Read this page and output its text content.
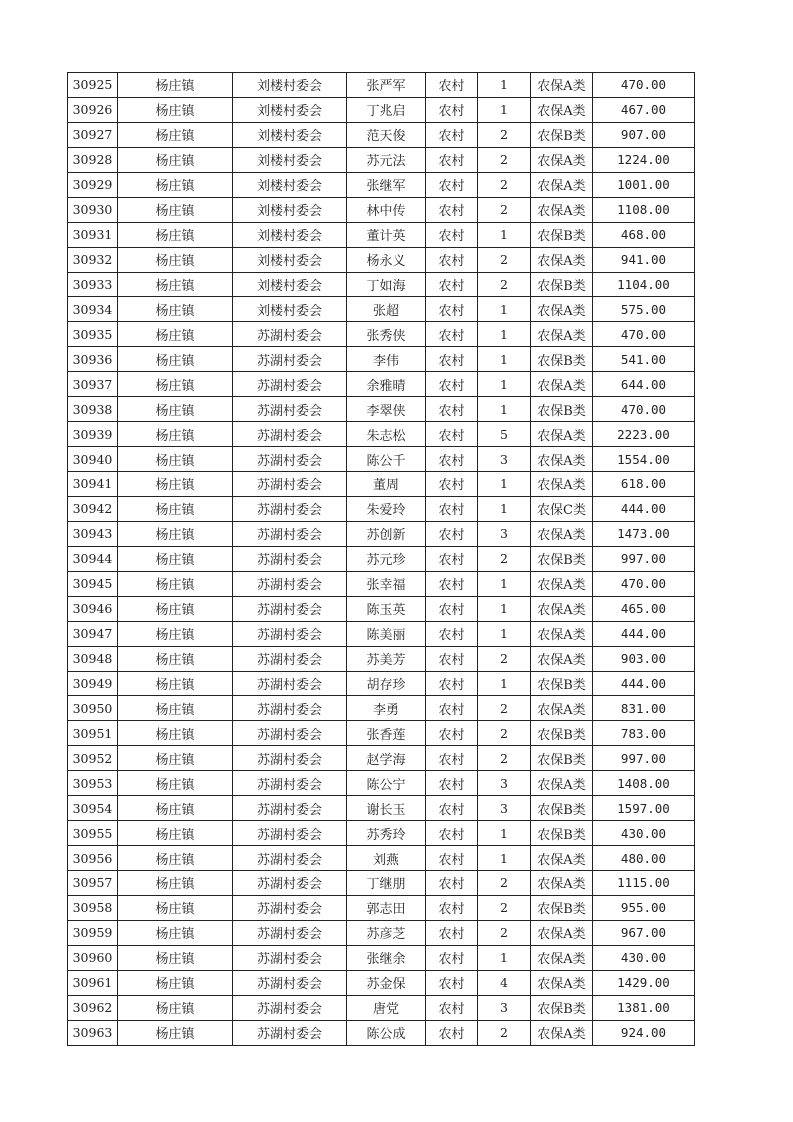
30925	杨庄镇	刘楼村委会	张严军	农村	1	农保A类	470.00
30926	杨庄镇	刘楼村委会	丁兆启	农村	1	农保A类	467.00
30927	杨庄镇	刘楼村委会	范天俊	农村	2	农保B类	907.00
30928	杨庄镇	刘楼村委会	苏元法	农村	2	农保A类	1224.00
30929	杨庄镇	刘楼村委会	张继军	农村	2	农保A类	1001.00
30930	杨庄镇	刘楼村委会	林中传	农村	2	农保A类	1108.00
30931	杨庄镇	刘楼村委会	董计英	农村	1	农保B类	468.00
30932	杨庄镇	刘楼村委会	杨永义	农村	2	农保A类	941.00
30933	杨庄镇	刘楼村委会	丁如海	农村	2	农保B类	1104.00
30934	杨庄镇	刘楼村委会	张超	农村	1	农保A类	575.00
30935	杨庄镇	苏湖村委会	张秀侠	农村	1	农保A类	470.00
30936	杨庄镇	苏湖村委会	李伟	农村	1	农保B类	541.00
30937	杨庄镇	苏湖村委会	余雅晴	农村	1	农保A类	644.00
30938	杨庄镇	苏湖村委会	李翠侠	农村	1	农保B类	470.00
30939	杨庄镇	苏湖村委会	朱志松	农村	5	农保A类	2223.00
30940	杨庄镇	苏湖村委会	陈公千	农村	3	农保A类	1554.00
30941	杨庄镇	苏湖村委会	董周	农村	1	农保A类	618.00
30942	杨庄镇	苏湖村委会	朱爱玲	农村	1	农保C类	444.00
30943	杨庄镇	苏湖村委会	苏创新	农村	3	农保A类	1473.00
30944	杨庄镇	苏湖村委会	苏元珍	农村	2	农保B类	997.00
30945	杨庄镇	苏湖村委会	张幸福	农村	1	农保A类	470.00
30946	杨庄镇	苏湖村委会	陈玉英	农村	1	农保A类	465.00
30947	杨庄镇	苏湖村委会	陈美丽	农村	1	农保A类	444.00
30948	杨庄镇	苏湖村委会	苏美芳	农村	2	农保A类	903.00
30949	杨庄镇	苏湖村委会	胡存珍	农村	1	农保B类	444.00
30950	杨庄镇	苏湖村委会	李勇	农村	2	农保A类	831.00
30951	杨庄镇	苏湖村委会	张香莲	农村	2	农保B类	783.00
30952	杨庄镇	苏湖村委会	赵学海	农村	2	农保B类	997.00
30953	杨庄镇	苏湖村委会	陈公宁	农村	3	农保A类	1408.00
30954	杨庄镇	苏湖村委会	谢长玉	农村	3	农保B类	1597.00
30955	杨庄镇	苏湖村委会	苏秀玲	农村	1	农保B类	430.00
30956	杨庄镇	苏湖村委会	刘燕	农村	1	农保A类	480.00
30957	杨庄镇	苏湖村委会	丁继朋	农村	2	农保A类	1115.00
30958	杨庄镇	苏湖村委会	郭志田	农村	2	农保B类	955.00
30959	杨庄镇	苏湖村委会	苏彦芝	农村	2	农保A类	967.00
30960	杨庄镇	苏湖村委会	张继余	农村	1	农保A类	430.00
30961	杨庄镇	苏湖村委会	苏金保	农村	4	农保A类	1429.00
30962	杨庄镇	苏湖村委会	唐党	农村	3	农保B类	1381.00
30963	杨庄镇	苏湖村委会	陈公成	农村	2	农保A类	924.00
